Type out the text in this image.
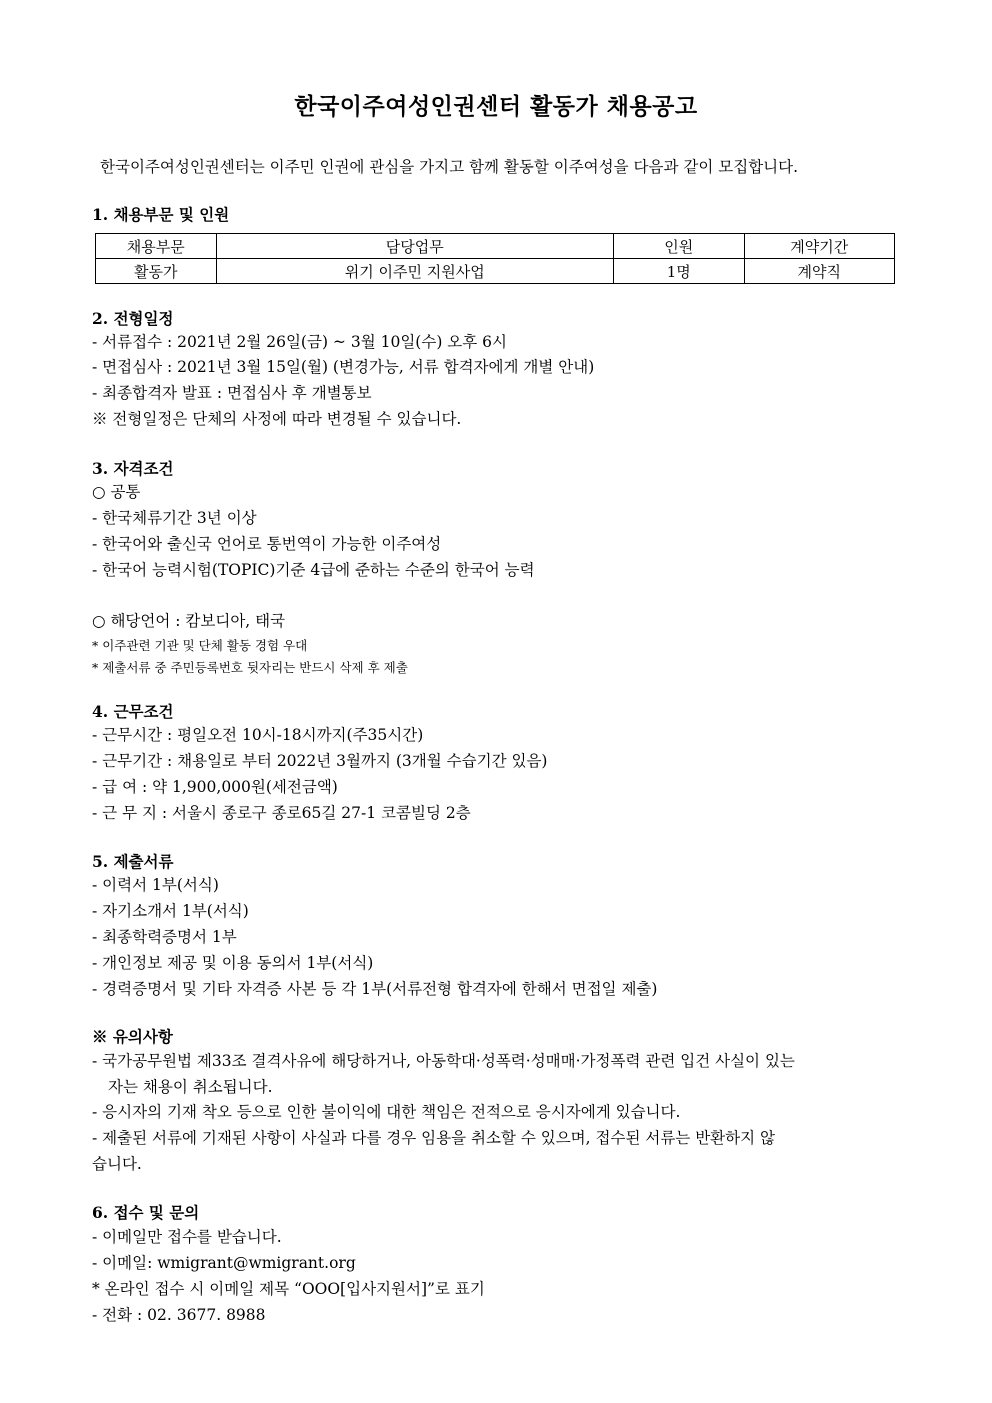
한국이주여성인권센터 활동가 채용공고
한국이주여성인권센터는 이주민 인권에 관심을 가지고 함께 활동할 이주여성을 다음과 같이 모집합니다.
1. 채용부문 및 인원
채용부문	담당업무	인원	계약기간
활동가	위기 이주민 지원사업	1명	계약직
2. 전형일정
- 서류접수 : 2021년 2월 26일(금) ~ 3월 10일(수) 오후 6시
- 면접심사 : 2021년 3월 15일(월) (변경가능, 서류 합격자에게 개별 안내)
- 최종합격자 발표 : 면접심사 후 개별통보
※ 전형일정은 단체의 사정에 따라 변경될 수 있습니다.
3. 자격조건
○ 공통
- 한국체류기간 3년 이상
- 한국어와 출신국 언어로 통번역이 가능한 이주여성
- 한국어 능력시험(TOPIC)기준 4급에 준하는 수준의 한국어 능력
○ 해당언어 : 캄보디아, 태국
* 이주관련 기관 및 단체 활동 경험 우대
* 제출서류 중 주민등록번호 뒷자리는 반드시 삭제 후 제출
4. 근무조건
- 근무시간 : 평일오전 10시-18시까지(주35시간)
- 근무기간 : 채용일로 부터 2022년 3월까지 (3개월 수습기간 있음)
- 급 여 : 약 1,900,000원(세전금액)
- 근 무 지 : 서울시 종로구 종로65길 27-1 코콤빌딩 2층
5. 제출서류
- 이력서 1부(서식)
- 자기소개서 1부(서식)
- 최종학력증명서 1부
- 개인정보 제공 및 이용 동의서 1부(서식)
- 경력증명서 및 기타 자격증 사본 등 각 1부(서류전형 합격자에 한해서 면접일 제출)
※ 유의사항
- 국가공무원법 제33조 결격사유에 해당하거나, 아동학대·성폭력·성매매·가정폭력 관련 입건 사실이 있는
자는 채용이 취소됩니다.
- 응시자의 기재 착오 등으로 인한 불이익에 대한 책임은 전적으로 응시자에게 있습니다.
- 제출된 서류에 기재된 사항이 사실과 다를 경우 임용을 취소할 수 있으며, 접수된 서류는 반환하지 않
습니다.
6. 접수 및 문의
- 이메일만 접수를 받습니다.
- 이메일: wmigrant@wmigrant.org
* 온라인 접수 시 이메일 제목 “OOO[입사지원서]”로 표기
- 전화 : 02. 3677. 8988
